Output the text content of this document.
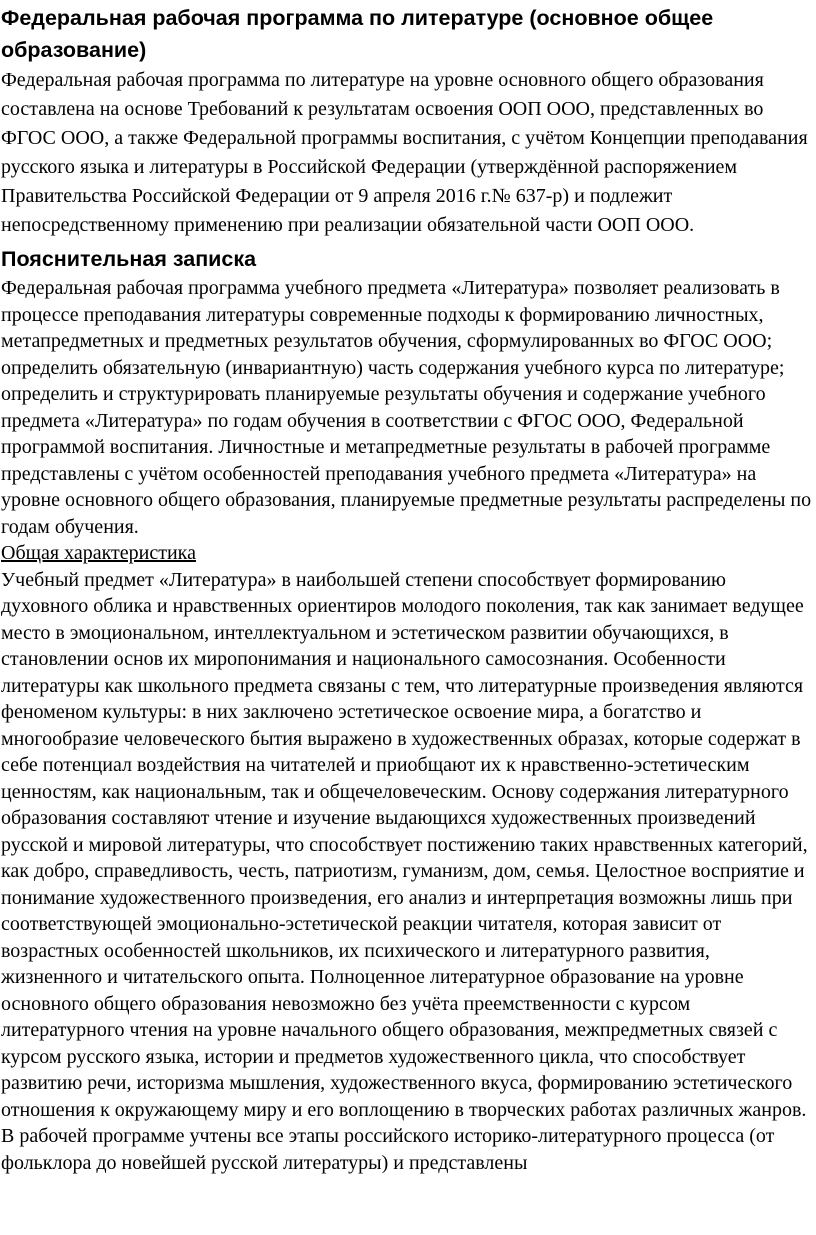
Федеральная рабочая программа по литературе (основное общее образование)

Федеральная рабочая программа по литературе на уровне основного общего образования составлена на основе Требований к результатам освоения ООП ООО, представленных во ФГОС ООО, а также Федеральной программы воспитания, с учётом Концепции преподавания русского языка и литературы в Российской Федерации (утверждённой распоряжением Правительства Российской Федерации от 9 апреля 2016 г.№ 637-р) и подлежит непосредственному применению при реализации обязательной части ООП ООО.

Пояснительная записка

Федеральная рабочая программа учебного предмета «Литература» позволяет реализовать в процессе преподавания литературы современные подходы к формированию личностных, метапредметных и предметных результатов обучения, сформулированных во ФГОС ООО; определить обязательную (инвариантную) часть содержания учебного курса по литературе; определить и структурировать планируемые результаты обучения и содержание учебного предмета «Литература» по годам обучения в соответствии с ФГОС ООО, Федеральной программой воспитания. Личностные и метапредметные результаты в рабочей программе представлены с учётом особенностей преподавания учебного предмета «Литература» на уровне основного общего образования, планируемые предметные результаты распределены по годам обучения.

Общая характеристика

Учебный предмет «Литература» в наибольшей степени способствует формированию духовного облика и нравственных ориентиров молодого поколения, так как занимает ведущее место в эмоциональном, интеллектуальном и эстетическом развитии обучающихся, в становлении основ их миропонимания и национального самосознания. Особенности литературы как школьного предмета связаны с тем, что литературные произведения являются феноменом культуры: в них заключено эстетическое освоение мира, а богатство и многообразие человеческого бытия выражено в художественных образах, которые содержат в себе потенциал воздействия на читателей и приобщают их к нравственно-эстетическим ценностям, как национальным, так и общечеловеческим. Основу содержания литературного образования составляют чтение и изучение выдающихся художественных произведений русской и мировой литературы, что способствует постижению таких нравственных категорий, как добро, справедливость, честь, патриотизм, гуманизм, дом, семья. Целостное восприятие и понимание художественного произведения, его анализ и интерпретация возможны лишь при соответствующей эмоционально-эстетической реакции читателя, которая зависит от возрастных особенностей школьников, их психического и литературного развития, жизненного и читательского опыта. Полноценное литературное образование на уровне основного общего образования невозможно без учёта преемственности с курсом литературного чтения на уровне начального общего образования, межпредметных связей с курсом русского языка, истории и предметов художественного цикла, что способствует развитию речи, историзма мышления, художественного вкуса, формированию эстетического отношения к окружающему миру и его воплощению в творческих работах различных жанров. В рабочей программе учтены все этапы российского историко-литературного процесса (от фольклора до новейшей русской литературы) и представлены
